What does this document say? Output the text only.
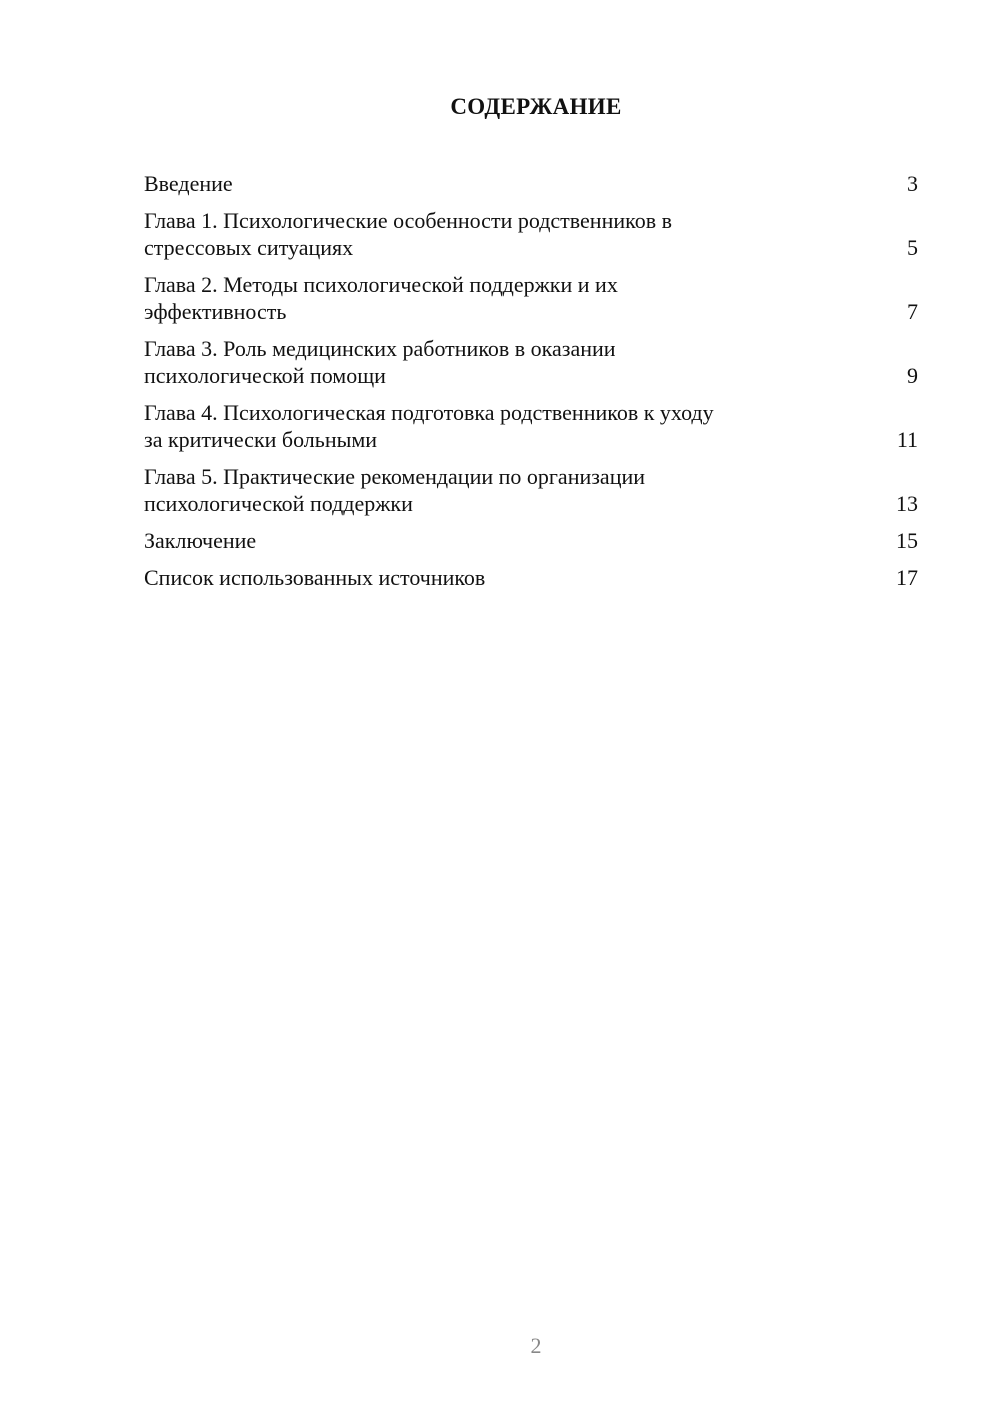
СОДЕРЖАНИЕ
Введение	3
Глава 1. Психологические особенности родственников в
стрессовых ситуациях	5
Глава 2. Методы психологической поддержки и их
эффективность	7
Глава 3. Роль медицинских работников в оказании
психологической помощи	9
Глава 4. Психологическая подготовка родственников к уходу
за критически больными	11
Глава 5. Практические рекомендации по организации
психологической поддержки	13
Заключение	15
Список использованных источников	17
2
